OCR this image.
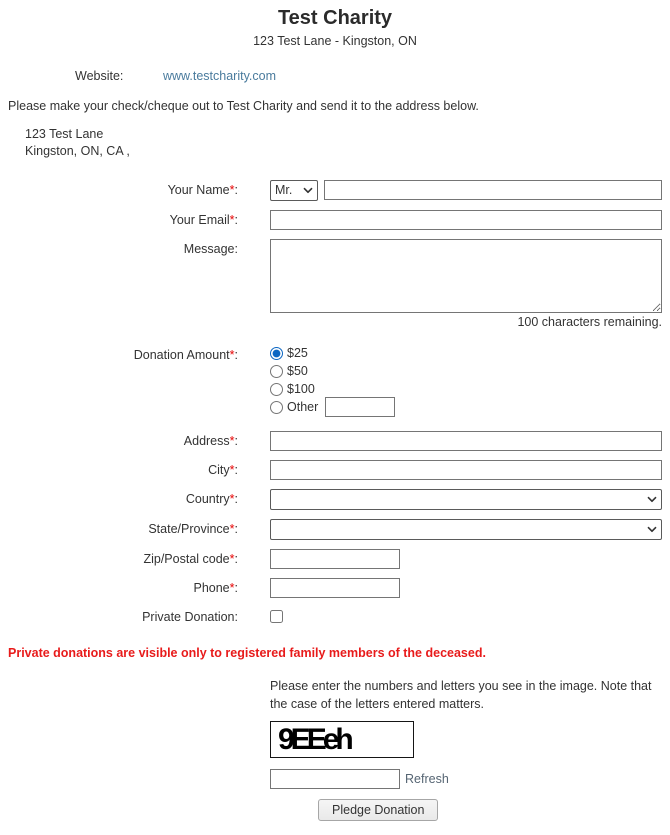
Test Charity
123 Test Lane - Kingston, ON
Website:	www.testcharity.com

Please make your check/cheque out to Test Charity and send it to the address below.

123 Test Lane
Kingston, ON, CA ,
Your Name*:
Mr.
Your Email*:
Message:
100 characters remaining.
Donation Amount*:	$25
$50
$100
Other
Address*:
City*:
Country*:
State/Province*:
Zip/Postal code*:
Phone*:
Private Donation:

Private donations are visible only to registered family members of the deceased.

Please enter the numbers and letters you see in the image. Note that the case of the letters entered matters.
9EEeh
Refresh
Pledge Donation
